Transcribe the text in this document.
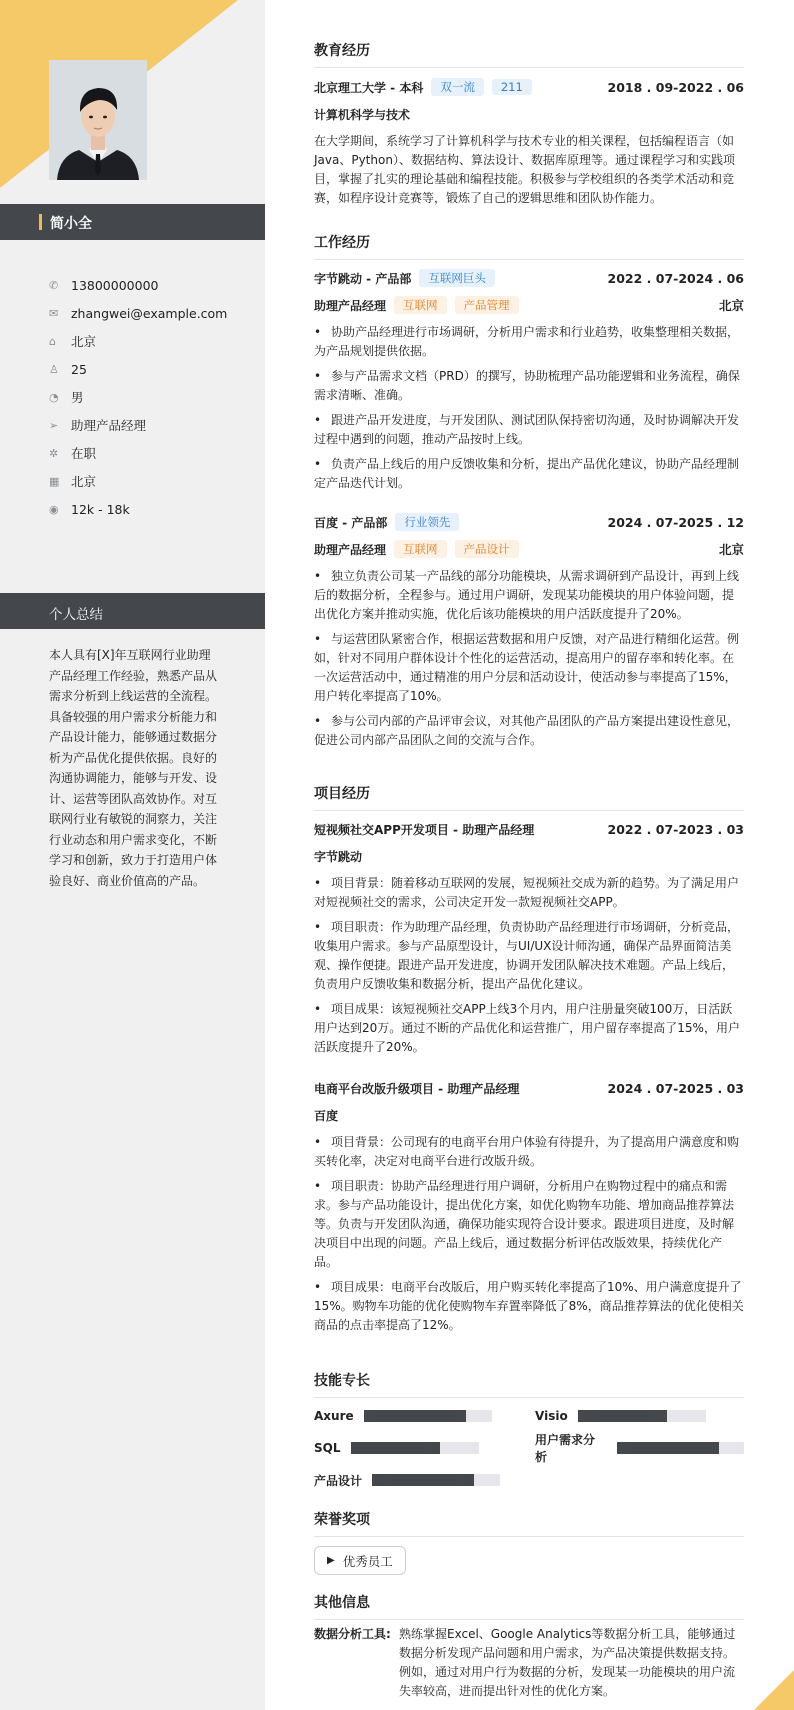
简小全
✆	13800000000
✉	zhangwei@example.com
⌂	北京
♙ 25
◔ 男
➢	助理产品经理
✲	在职
▦ 北京
◉ 12k - 18k
个人总结
本人具有[X]年互联网行业助理产品经理工作经验，熟悉产品从需求分析到上线运营的全流程。具备较强的用户需求分析能力和产品设计能力，能够通过数据分析为产品优化提供依据。良好的沟通协调能力，能够与开发、设计、运营等团队高效协作。对互联网行业有敏锐的洞察力，关注行业动态和用户需求变化，不断学习和创新，致力于打造用户体验良好、商业价值高的产品。
教育经历
北京理工大学 - 本科	双一流	211	2018 . 09-2022 . 06
计算机科学与技术
在大学期间，系统学习了计算机科学与技术专业的相关课程，包括编程语言（如Java、Python）、数据结构、算法设计、数据库原理等。通过课程学习和实践项目，掌握了扎实的理论基础和编程技能。积极参与学校组织的各类学术活动和竞赛，如程序设计竞赛等，锻炼了自己的逻辑思维和团队协作能力。
工作经历
字节跳动 - 产品部	互联网巨头	2022 . 07-2024 . 06
助理产品经理	互联网	产品管理	北京
• 协助产品经理进行市场调研，分析用户需求和行业趋势，收集整理相关数据，为产品规划提供依据。
• 参与产品需求文档（PRD）的撰写，协助梳理产品功能逻辑和业务流程，确保需求清晰、准确。
• 跟进产品开发进度，与开发团队、测试团队保持密切沟通，及时协调解决开发过程中遇到的问题，推动产品按时上线。
• 负责产品上线后的用户反馈收集和分析，提出产品优化建议，协助产品经理制定产品迭代计划。
百度 - 产品部	行业领先	2024 . 07-2025 . 12
助理产品经理	互联网	产品设计	北京
• 独立负责公司某一产品线的部分功能模块，从需求调研到产品设计，再到上线后的数据分析，全程参与。通过用户调研，发现某功能模块的用户体验问题，提出优化方案并推动实施，优化后该功能模块的用户活跃度提升了20%。
• 与运营团队紧密合作，根据运营数据和用户反馈，对产品进行精细化运营。例如，针对不同用户群体设计个性化的运营活动，提高用户的留存率和转化率。在一次运营活动中，通过精准的用户分层和活动设计，使活动参与率提高了15%，用户转化率提高了10%。
• 参与公司内部的产品评审会议，对其他产品团队的产品方案提出建设性意见，促进公司内部产品团队之间的交流与合作。
项目经历
短视频社交APP开发项目 - 助理产品经理	2022 . 07-2023 . 03
字节跳动
• 项目背景：随着移动互联网的发展，短视频社交成为新的趋势。为了满足用户对短视频社交的需求，公司决定开发一款短视频社交APP。
• 项目职责：作为助理产品经理，负责协助产品经理进行市场调研，分析竞品，收集用户需求。参与产品原型设计，与UI/UX设计师沟通，确保产品界面简洁美观、操作便捷。跟进产品开发进度，协调开发团队解决技术难题。产品上线后，负责用户反馈收集和数据分析，提出产品优化建议。
• 项目成果：该短视频社交APP上线3个月内，用户注册量突破100万，日活跃用户达到20万。通过不断的产品优化和运营推广，用户留存率提高了15%，用户活跃度提升了20%。
电商平台改版升级项目 - 助理产品经理	2024 . 07-2025 . 03
百度
• 项目背景：公司现有的电商平台用户体验有待提升，为了提高用户满意度和购买转化率，决定对电商平台进行改版升级。
• 项目职责：协助产品经理进行用户调研，分析用户在购物过程中的痛点和需求。参与产品功能设计，提出优化方案，如优化购物车功能、增加商品推荐算法等。负责与开发团队沟通，确保功能实现符合设计要求。跟进项目进度，及时解决项目中出现的问题。产品上线后，通过数据分析评估改版效果，持续优化产品。
• 项目成果：电商平台改版后，用户购买转化率提高了10%、用户满意度提升了15%。购物车功能的优化使购物车弃置率降低了8%，商品推荐算法的优化使相关商品的点击率提高了12%。
技能专长
Axure	Visio
SQL
用户需求分析
产品设计
荣誉奖项
▶ 优秀员工
其他信息
数据分析工具: 熟练掌握Excel、Google Analytics等数据分析工具，能够通过数据分析发现产品问题和用户需求，为产品决策提供数据支持。例如，通过对用户行为数据的分析，发现某一功能模块的用户流失率较高，进而提出针对性的优化方案。
